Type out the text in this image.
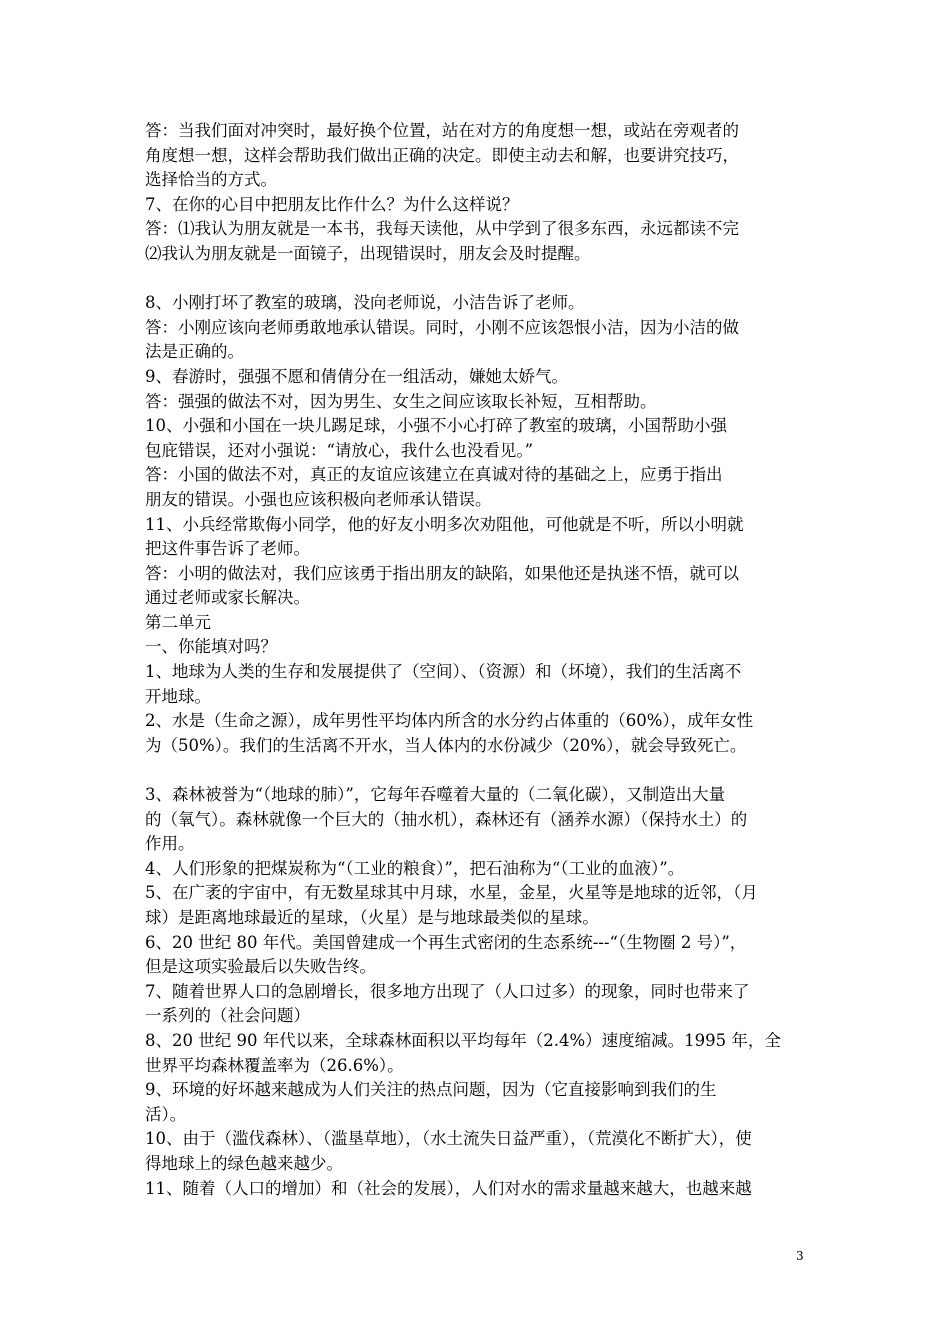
答：当我们面对冲突时，最好换个位置，站在对方的角度想一想，或站在旁观者的
角度想一想，这样会帮助我们做出正确的决定。即使主动去和解，也要讲究技巧，
选择恰当的方式。
7、在你的心目中把朋友比作什么？为什么这样说？
答：⑴我认为朋友就是一本书，我每天读他，从中学到了很多东西，永远都读不完
⑵我认为朋友就是一面镜子，出现错误时，朋友会及时提醒。
8、小刚打坏了教室的玻璃，没向老师说，小洁告诉了老师。
答：小刚应该向老师勇敢地承认错误。同时，小刚不应该怨恨小洁，因为小洁的做
法是正确的。
9、春游时，强强不愿和倩倩分在一组活动，嫌她太娇气。
答：强强的做法不对，因为男生、女生之间应该取长补短，互相帮助。
10、小强和小国在一块儿踢足球，小强不小心打碎了教室的玻璃，小国帮助小强
包庇错误，还对小强说：“请放心，我什么也没看见。”
答：小国的做法不对，真正的友谊应该建立在真诚对待的基础之上，应勇于指出
朋友的错误。小强也应该积极向老师承认错误。
11、小兵经常欺侮小同学，他的好友小明多次劝阻他，可他就是不听，所以小明就
把这件事告诉了老师。
答：小明的做法对，我们应该勇于指出朋友的缺陷，如果他还是执迷不悟，就可以
通过老师或家长解决。
第二单元
一、你能填对吗？
1、地球为人类的生存和发展提供了（空间）、（资源）和（坏境），我们的生活离不
开地球。
2、水是（生命之源），成年男性平均体内所含的水分约占体重的（60%），成年女性
为（50%）。我们的生活离不开水，当人体内的水份减少（20%），就会导致死亡。
3、森林被誉为“（地球的肺）”，它每年吞噬着大量的（二氧化碳），又制造出大量
的（氧气）。森林就像一个巨大的（抽水机），森林还有（涵养水源）（保持水土）的
作用。
4、人们形象的把煤炭称为“（工业的粮食）”，把石油称为“（工业的血液）”。
5、在广袤的宇宙中，有无数星球其中月球，水星，金星，火星等是地球的近邻，（月
球）是距离地球最近的星球，（火星）是与地球最类似的星球。
6、20 世纪 80 年代。美国曾建成一个再生式密闭的生态系统---“（生物圈 2 号）”，
但是这项实验最后以失败告终。
7、随着世界人口的急剧增长，很多地方出现了（人口过多）的现象，同时也带来了
一系列的（社会问题）
8、20 世纪 90 年代以来，全球森林面积以平均每年（2.4%）速度缩减。1995 年，全
世界平均森林覆盖率为（26.6%）。
9、环境的好坏越来越成为人们关注的热点问题，因为（它直接影响到我们的生
活）。
10、由于（滥伐森林）、（滥垦草地），（水土流失日益严重），（荒漠化不断扩大），使
得地球上的绿色越来越少。
11、随着（人口的增加）和（社会的发展），人们对水的需求量越来越大，也越来越
3
